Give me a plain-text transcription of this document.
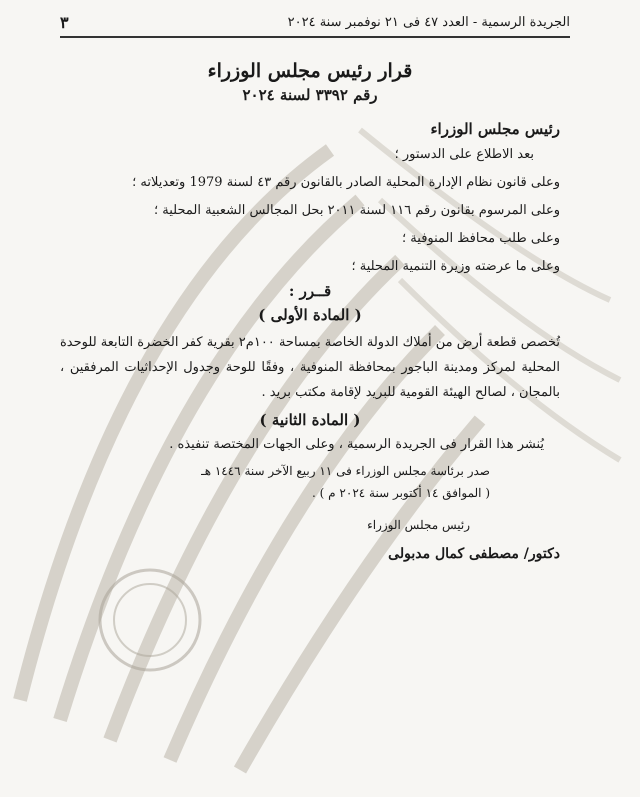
الجريدة الرسمية - العدد ٤٧ فى ٢١ نوفمبر سنة ٢٠٢٤
٣
قرار رئيس مجلس الوزراء
رقم ٣٣٩٢ لسنة ٢٠٢٤
رئيس مجلس الوزراء
بعد الاطلاع على الدستور ؛
وعلى قانون نظام الإدارة المحلية الصادر بالقانون رقم ٤٣ لسنة 1979 وتعديلاته ؛
وعلى المرسوم بقانون رقم ١١٦ لسنة ٢٠١١ بحل المجالس الشعبية المحلية ؛
وعلى طلب محافظ المنوفية ؛
وعلى ما عرضته وزيرة التنمية المحلية ؛
قــرر :
( المادة الأولى )
تُخصص قطعة أرض من أملاك الدولة الخاصة بمساحة ١٠٠م٢ بقرية كفر الخضرة التابعة للوحدة المحلية لمركز ومدينة الباجور بمحافظة المنوفية ، وفقًا للوحة وجدول الإحداثيات المرفقين ، بالمجان ، لصالح الهيئة القومية للبريد لإقامة مكتب بريد .
( المادة الثانية )
يُنشر هذا القرار فى الجريدة الرسمية ، وعلى الجهات المختصة تنفيذه .
صدر برئاسة مجلس الوزراء فى ١١ ربيع الآخر سنة ١٤٤٦ هـ
( الموافق ١٤ أكتوبر سنة ٢٠٢٤ م ) .
رئيس مجلس الوزراء
دكتور/ مصطفى كمال مدبولى
